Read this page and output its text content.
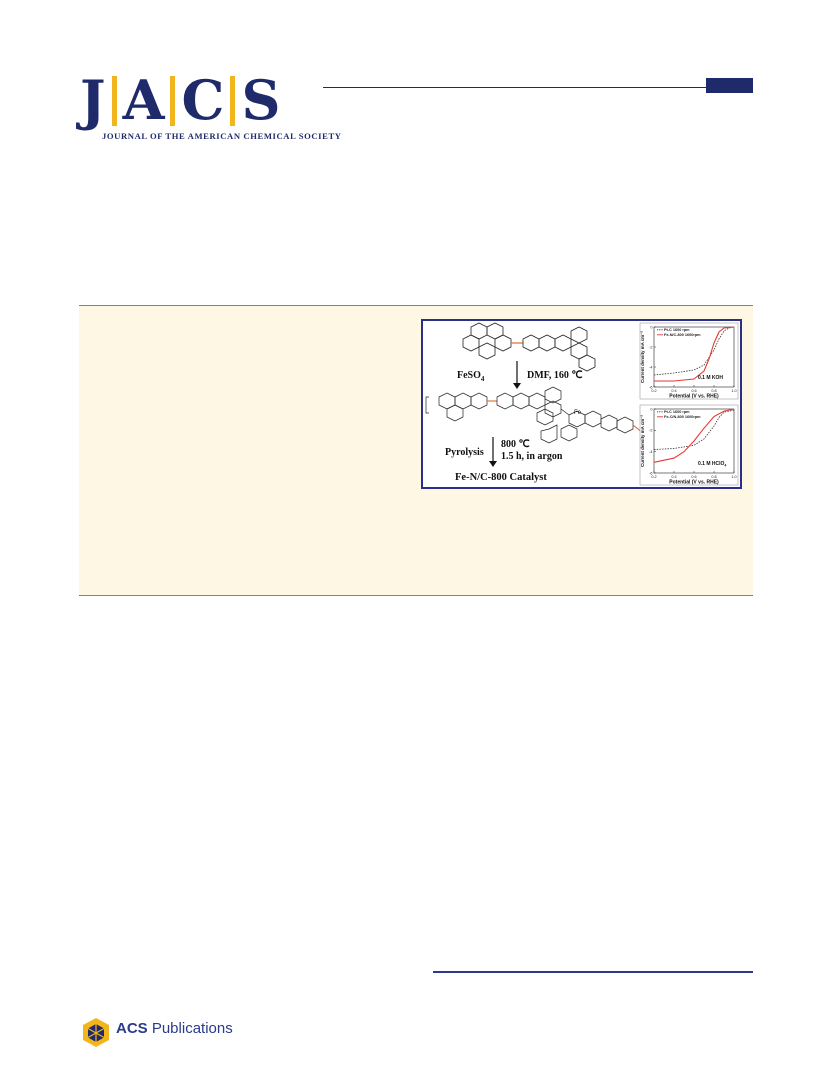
J A C S
JOURNAL OF THE AMERICAN CHEMICAL SOCIETY
FeSO$_4$	DMF, 160 ℃
Fe
Pyrolysis
800 ℃
1.5 h, in argon
Fe-N/C-800 Catalyst
0.2	0.4	0.6	0.8	1.0
0
-2
-4
-6
Pt-C 1600 rpm
Fe-N/C-800 1600rpm
0.1 M KOH
Potential (V vs. RHE)
Current density mA cm⁻²
0.2	0.4	0.6	0.8	1.0
0
-2
-4
-6
Pt-C 1600 rpm
Fe-C/N-800 1600rpm
0.1 M HClO$_4$
Potential (V vs. RHE)
Current density mA cm⁻²
ACS Publications
